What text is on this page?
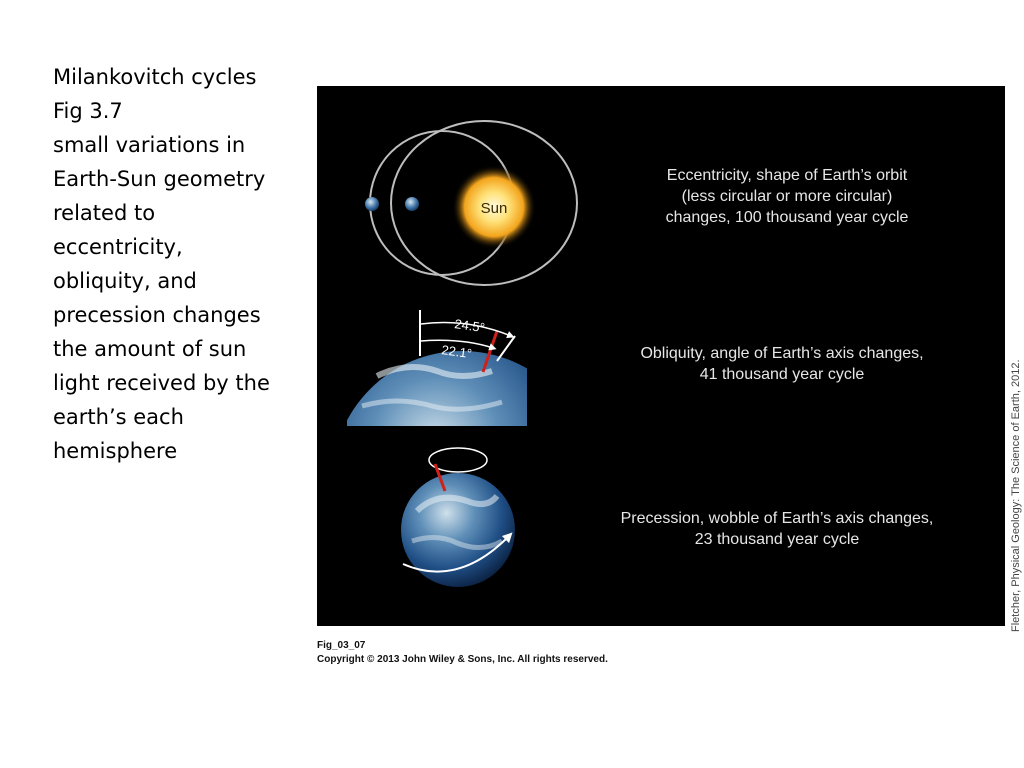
Milankovitch cycles
Fig 3.7
small variations in
Earth-Sun geometry
related to
eccentricity,
obliquity, and
precession changes
the amount of sun
light received by the
earth’s each
hemisphere
Sun
24.5°
22.1°
Eccentricity, shape of Earth’s orbit
(less circular or more circular)
changes, 100 thousand year cycle
Obliquity, angle of Earth’s axis changes,
41 thousand year cycle
Precession, wobble of Earth’s axis changes,
23 thousand year cycle	Fletcher, Physical Geology: The Science of Earth, 2012.
Fig_03_07
Copyright © 2013 John Wiley & Sons, Inc. All rights reserved.
